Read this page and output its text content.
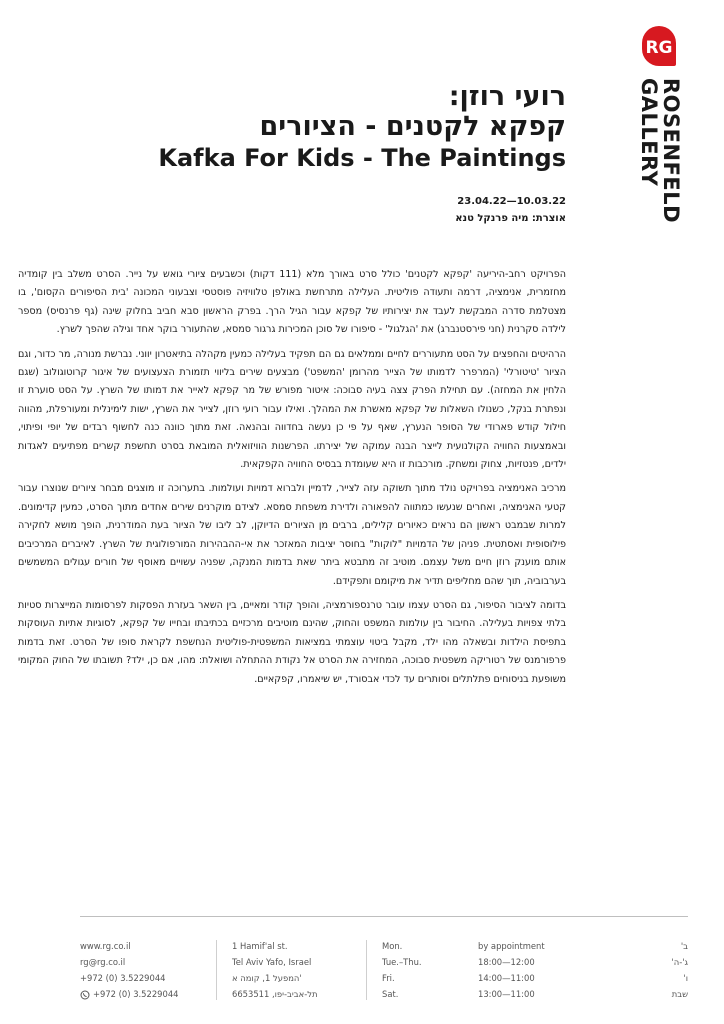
RG
ROSENFELD
GALLERY
רועי רוזן:
קפקא לקטנים - הציורים
Kafka For Kids - The Paintings
23.04.22—10.03.22
אוצרת: מיה פרנקל טנא

הפרויקט רחב-היריעה 'קפקא לקטנים' כולל סרט באורך מלא (111 דקות) וכשבעים ציורי גואש על נייר. הסרט משלב בין קומדיה מחזמרית, אנימציה, דרמה ותעודה פוליטית. העלילה מתרחשת באולפן טלוויזיה פוסטסי וצבעוני המכונה 'בית הסיפורים הקסום', בו מצטלמת סדרה המבקשת לעבד את יצירותיו של קפקא עבור הגיל הרך. בפרק הראשון סבא חביב בחלוק שינה (גף פרנסיס) מספר לילדה סקרנית (חני פירסטנברג) את 'הגלגול' - סיפורו של סוכן המכירות גרגור סמסא, שהתעורר בוקר אחד וגילה שהפך לשרץ.

הרהיטים והחפצים על הסט מתעוררים לחיים וממלאים גם הם תפקיד בעלילה כמעין מקהלה בתיאטרון יווני. נברשת מנורה, מר כדור, וגם הציור 'טיטורלי' (המרפרר לדמותו של הצייר מהרומן 'המשפט') מבצעים שירים בליווי תזמורת הצעצועים של איגור קרוטוגולוב (שגם הלחין את המחזה). עם תחילת הפרק צצה בעיה סבוכה: איטור מפורש של מר קפקא לאייר את דמותו של השרץ. על הסט סוערת זו ונפתרת בנקל, כשנולו השאלות של קפקא מאשרת את המהלך. ואילו עבור רועי רוזן, לצייר את השרץ, ישות לימינלית ומעורפלת, מהווה חילול קודש פארודי של הסופר הנערץ, שאף על פי כן נעשה בחדווה ובהנאה. זאת מתוך כוונה כנה לחשוף רבדים של יופי ופיתוי, ובאמצעות החוויה הקולנועית לייצר הבנה עמוקה של יצירתו. הפרשנות הוויזואלית המובאת בסרט תחשפת קשרים מפתיעים לאגדות ילדים, פנטזיות, צחוק ומשחק. מורכבות זו היא שעומדת בבסיס החוויה הקפקאית.

מרכיב האנימציה בפרויקט נולד מתוך תשוקה עזה לצייר, לדמיין ולברוא דמויות ועולמות. בתערוכה זו מוצגים מבחר ציורים שנוצרו עבור קטעי האנימציה, ואחרים שנעשו כמתווה להפאורה ולדירת משפחת סמסא. לצידם מוקרנים שירים אחדים מתוך הסרט, כמעין קדימונים. למרות שבמבט ראשון הם נראים כאיורים קלילים, ברבים מן הציורים הדיוקן, לב ליבו של הציור בעת המודרנית, הופך מושא לחקירה פילוסופית ואסתטית. פניהן של הדמויות "לוקות" בחוסר יציבות המאזכר את אי-ההבהירות המורפולוגית של השרץ. לאיברים המרכיבים אותם מוענק רוזן חיים משל עצמם. מוטיב זה מתבטא ביתר שאת בדמות המנקה, שפניה עשויים מאוסף של חורים עגולים המשמשים בערבוביה, תוך שהם מחליפים תדיר את מיקומם ותפקידם.

בדומה לציבור הסיפור, גם הסרט עצמו עובר טרנספורמציה, והופך קודר ומאיים, בין השאר בעזרת הפסקות לפרסומות המייצרות סטיות בלתי צפויות בעלילה. החיבור בין עולמות המשפט והחוק, שהינם מוטיבים מרכזיים בכתיבתו ובחייו של קפקא, לסוגיות אתיות העוסקות בתפיסת הילדות ובשאלה מהו ילד, מקבל ביטוי עוצמתי במציאות המשפטית-פוליטית הנחשפת לקראת סופו של הסרט. זאת בדמות פרפורמנס של רטוריקה משפטית סבוכה, המחזירה את הסרט אל נקודת ההתחלה ושואלת: מהו, אם כן, ילד? תשובתו של החוק המקומי משופעת בניסוחים פתלתלים וסותרים עד לכדי אבסורד, יש שיאמרו, קפקאיים.

www.rg.co.il
rg@rg.co.il
+972 (0) 3.5229044
+972 (0) 3.5229044
1 Hamif'al st.
Tel Aviv Yafo, Israel
המפעל 1, קומה א'
תל-אביב-יפו, 6653511
Mon.	by appointment	ב'
Tue.–Thu.	18:00—12:00	ג'-ה'
Fri.	14:00—11:00	ו'
Sat.	13:00—11:00	שבת
